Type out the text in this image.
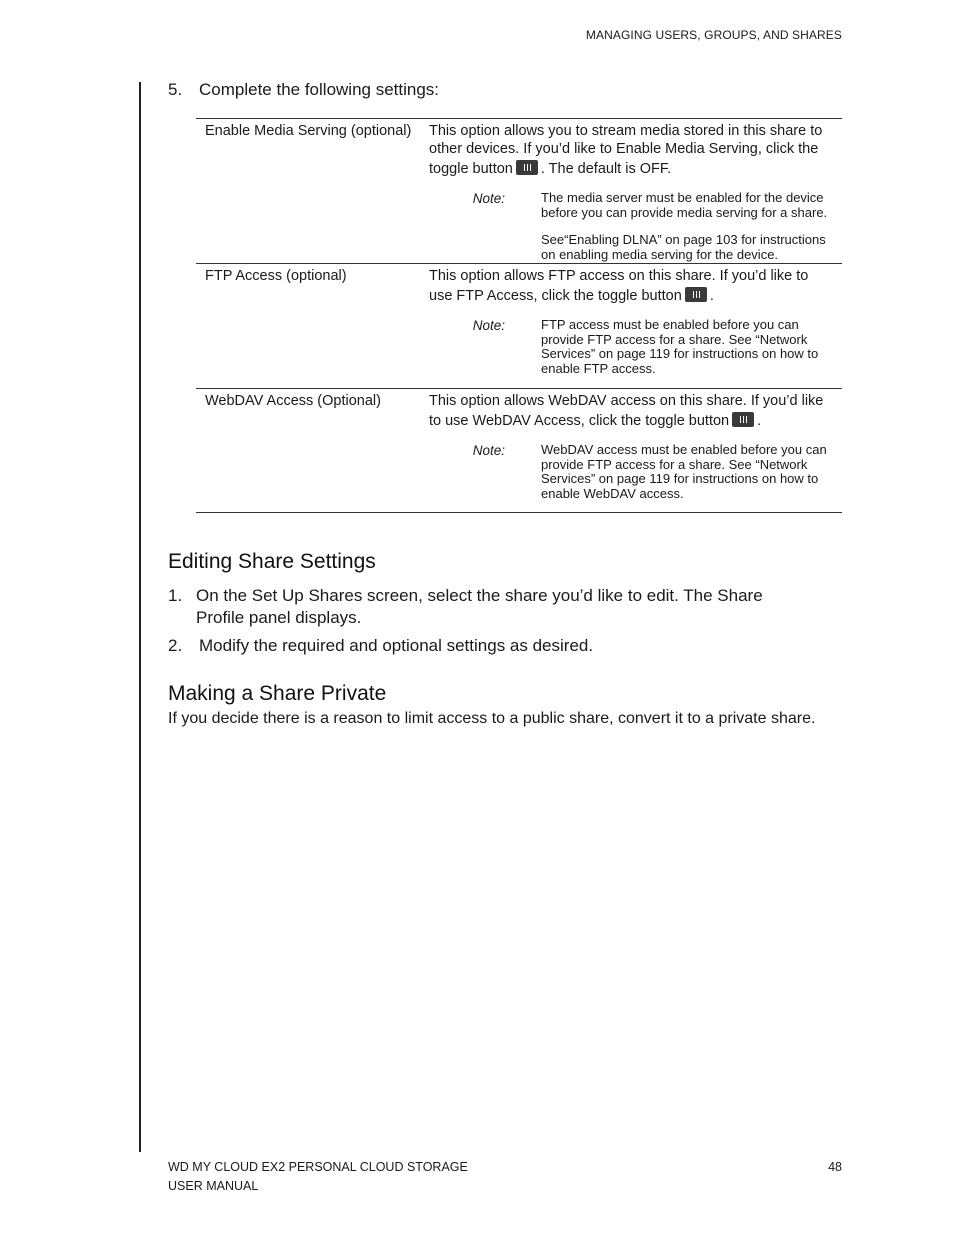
MANAGING USERS, GROUPS, AND SHARES
5. Complete the following settings:
Enable Media Serving (optional)	This option allows you to stream media stored in this share to
other devices. If you’d like to Enable Media Serving, click the
toggle button . The default is OFF.
Note:	The media server must be enabled for the device before you can provide media serving for a share.

See“Enabling DLNA” on page 103 for instructions on enabling media serving for the device.

FTP Access (optional)	This option allows FTP access on this share. If you’d like to
use FTP Access, click the toggle button .
Note:	FTP access must be enabled before you can provide FTP access for a share. See “Network Services” on page 119 for instructions on how to enable FTP access.

WebDAV Access (Optional)	This option allows WebDAV access on this share. If you’d like
to use WebDAV Access, click the toggle button .
Note:	WebDAV access must be enabled before you can provide FTP access for a share. See “Network Services” on page 119 for instructions on how to enable WebDAV access.

Editing Share Settings
1. On the Set Up Shares screen, select the share you’d like to edit. The Share
Profile panel displays.
2. Modify the required and optional settings as desired.
Making a Share Private
If you decide there is a reason to limit access to a public share, convert it to a private share.
WD MY CLOUD EX2 PERSONAL CLOUD STORAGE
USER MANUAL
48
